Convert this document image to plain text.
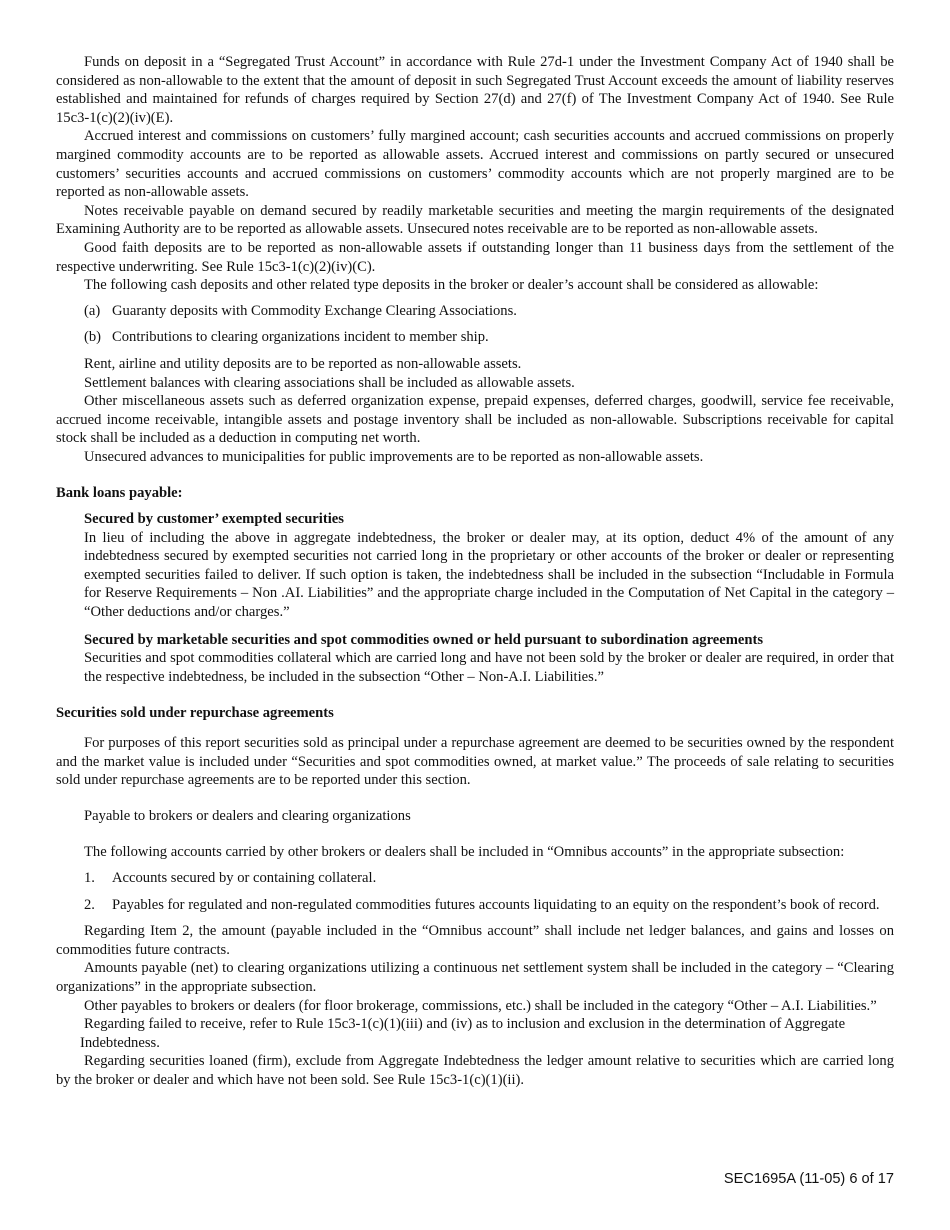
Funds on deposit in a “Segregated Trust Account” in accordance with Rule 27d-1 under the Investment Company Act of 1940 shall be considered as non-allowable to the extent that the amount of deposit in such Segregated Trust Account exceeds the amount of liability reserves established and maintained for refunds of charges required by Section 27(d) and 27(f) of The Investment Company Act of 1940. See Rule 15c3-1(c)(2)(iv)(E).

Accrued interest and commissions on customers’ fully margined account; cash securities accounts and accrued commissions on properly margined commodity accounts are to be reported as allowable assets. Accrued interest and commissions on partly secured or unsecured customers’ securities accounts and accrued commissions on customers’ commodity accounts which are not properly margined are to be reported as non-allowable assets.

Notes receivable payable on demand secured by readily marketable securities and meeting the margin requirements of the designated Examining Authority are to be reported as allowable assets. Unsecured notes receivable are to be reported as non-allowable assets.

Good faith deposits are to be reported as non-allowable assets if outstanding longer than 11 business days from the settlement of the respective underwriting. See Rule 15c3-1(c)(2)(iv)(C).

The following cash deposits and other related type deposits in the broker or dealer’s account shall be considered as allowable:

(a) Guaranty deposits with Commodity Exchange Clearing Associations.
(b) Contributions to clearing organizations incident to member ship.

Rent, airline and utility deposits are to be reported as non-allowable assets.

Settlement balances with clearing associations shall be included as allowable assets.

Other miscellaneous assets such as deferred organization expense, prepaid expenses, deferred charges, goodwill, service fee receivable, accrued income receivable, intangible assets and postage inventory shall be included as non-allowable. Subscriptions receivable for capital stock shall be included as a deduction in computing net worth.

Unsecured advances to municipalities for public improvements are to be reported as non-allowable assets.

Bank loans payable:

Secured by customer’ exempted securities

In lieu of including the above in aggregate indebtedness, the broker or dealer may, at its option, deduct 4% of the amount of any indebtedness secured by exempted securities not carried long in the proprietary or other accounts of the broker or dealer or representing exempted securities failed to deliver. If such option is taken, the indebtedness shall be included in the subsection “Includable in Formula for Reserve Requirements – Non .AI. Liabilities” and the appropriate charge included in the Computation of Net Capital in the category – “Other deductions and/or charges.”

Secured by marketable securities and spot commodities owned or held pursuant to subordination agreements

Securities and spot commodities collateral which are carried long and have not been sold by the broker or dealer are required, in order that the respective indebtedness, be included in the subsection “Other – Non-A.I. Liabilities.”

Securities sold under repurchase agreements

For purposes of this report securities sold as principal under a repurchase agreement are deemed to be securities owned by the respondent and the market value is included under “Securities and spot commodities owned, at market value.” The proceeds of sale relating to securities sold under repurchase agreements are to be reported under this section.

Payable to brokers or dealers and clearing organizations

The following accounts carried by other brokers or dealers shall be included in “Omnibus accounts” in the appropriate subsection:

1.	Accounts secured by or containing collateral.
2.	Payables for regulated and non-regulated commodities futures accounts liquidating to an equity on the respondent’s book of record.

Regarding Item 2, the amount (payable included in the “Omnibus account” shall include net ledger balances, and gains and losses on commodities future contracts.

Amounts payable (net) to clearing organizations utilizing a continuous net settlement system shall be included in the category – “Clearing organizations” in the appropriate subsection.

Other payables to brokers or dealers (for floor brokerage, commissions, etc.) shall be included in the category “Other – A.I. Liabilities.”

Regarding failed to receive, refer to Rule 15c3-1(c)(1)(iii) and (iv) as to inclusion and exclusion in the determination of Aggregate Indebtedness.

Regarding securities loaned (firm), exclude from Aggregate Indebtedness the ledger amount relative to securities which are carried long by the broker or dealer and which have not been sold. See Rule 15c3-1(c)(1)(ii).

SEC1695A (11-05) 6 of 17
